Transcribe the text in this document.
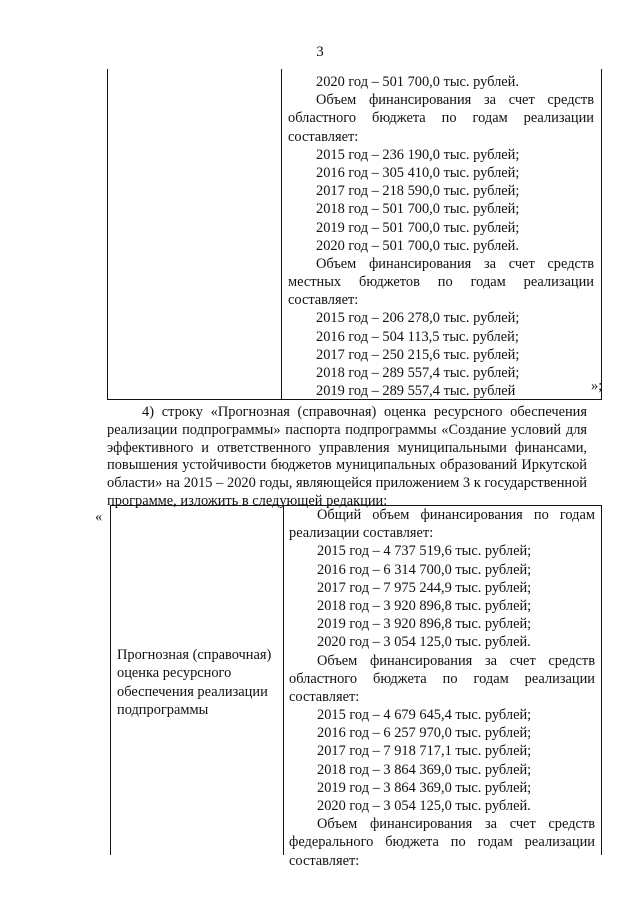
3
2020 год – 501 700,0 тыс. рублей.
Объем финансирования за счет средств
областного бюджета по годам реализации
составляет:
2015 год – 236 190,0 тыс. рублей;
2016 год – 305 410,0 тыс. рублей;
2017 год – 218 590,0 тыс. рублей;
2018 год – 501 700,0 тыс. рублей;
2019 год – 501 700,0 тыс. рублей;
2020 год – 501 700,0 тыс. рублей.
Объем финансирования за счет средств
местных бюджетов по годам реализации
составляет:
2015 год – 206 278,0 тыс. рублей;
2016 год – 504 113,5 тыс. рублей;
2017 год – 250 215,6 тыс. рублей;
2018 год – 289 557,4 тыс. рублей;
2019 год – 289 557,4 тыс. рублей	»;
4) строку «Прогнозная (справочная) оценка ресурсного обеспечения
реализации подпрограммы» паспорта подпрограммы «Создание условий для
эффективного и ответственного управления муниципальными финансами,
повышения устойчивости бюджетов муниципальных образований Иркутской
области» на 2015 – 2020 годы, являющейся приложением 3 к государственной
программе, изложить в следующей редакции:
«
Прогнозная (справочная)
оценка ресурсного
обеспечения реализации
подпрограммы
Общий объем финансирования по годам
реализации составляет:
2015 год – 4 737 519,6 тыс. рублей;
2016 год – 6 314 700,0 тыс. рублей;
2017 год – 7 975 244,9 тыс. рублей;
2018 год – 3 920 896,8 тыс. рублей;
2019 год – 3 920 896,8 тыс. рублей;
2020 год – 3 054 125,0 тыс. рублей.
Объем финансирования за счет средств
областного бюджета по годам реализации
составляет:
2015 год – 4 679 645,4 тыс. рублей;
2016 год – 6 257 970,0 тыс. рублей;
2017 год – 7 918 717,1 тыс. рублей;
2018 год – 3 864 369,0 тыс. рублей;
2019 год – 3 864 369,0 тыс. рублей;
2020 год – 3 054 125,0 тыс. рублей.
Объем финансирования за счет средств
федерального бюджета по годам реализации
составляет:
